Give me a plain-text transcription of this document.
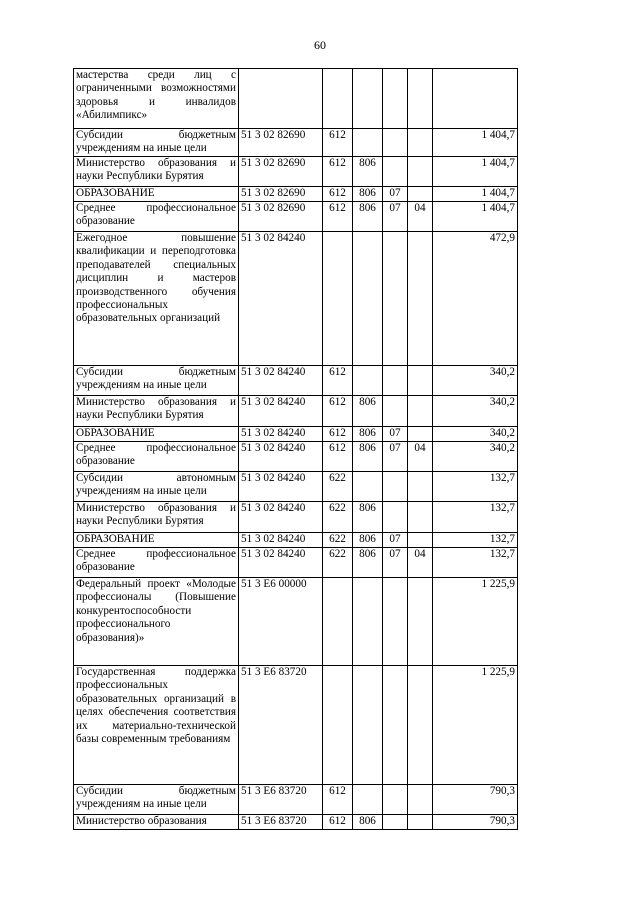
60
мастерства среди лиц с ограниченными возможностями здоровья и инвалидов «Абилимпикс»						
Субсидии бюджетным учреждениям на иные цели	51 3 02 82690	612				1 404,7
Министерство образования и науки Республики Бурятия	51 3 02 82690	612	806			1 404,7
ОБРАЗОВАНИЕ	51 3 02 82690	612	806	07		1 404,7
Среднее профессиональное образование	51 3 02 82690	612	806	07	04	1 404,7
Ежегодное повышение квалификации и переподготовка преподавателей специальных дисциплин и мастеров производственного обучения профессиональных образовательных организаций	51 3 02 84240					472,9
Субсидии бюджетным учреждениям на иные цели	51 3 02 84240	612				340,2
Министерство образования и науки Республики Бурятия	51 3 02 84240	612	806			340,2
ОБРАЗОВАНИЕ	51 3 02 84240	612	806	07		340,2
Среднее профессиональное образование	51 3 02 84240	612	806	07	04	340,2
Субсидии автономным учреждениям на иные цели	51 3 02 84240	622				132,7
Министерство образования и науки Республики Бурятия	51 3 02 84240	622	806			132,7
ОБРАЗОВАНИЕ	51 3 02 84240	622	806	07		132,7
Среднее профессиональное образование	51 3 02 84240	622	806	07	04	132,7
Федеральный проект «Молодые профессионалы (Повышение конкурентоспособности профессионального образования)»	51 3 Е6 00000					1 225,9
Государственная поддержка профессиональных образовательных организаций в целях обеспечения соответствия их материально-технической базы современным требованиям	51 3 Е6 83720					1 225,9
Субсидии бюджетным учреждениям на иные цели	51 3 Е6 83720	612				790,3
Министерство образования	51 3 Е6 83720	612	806			790,3
